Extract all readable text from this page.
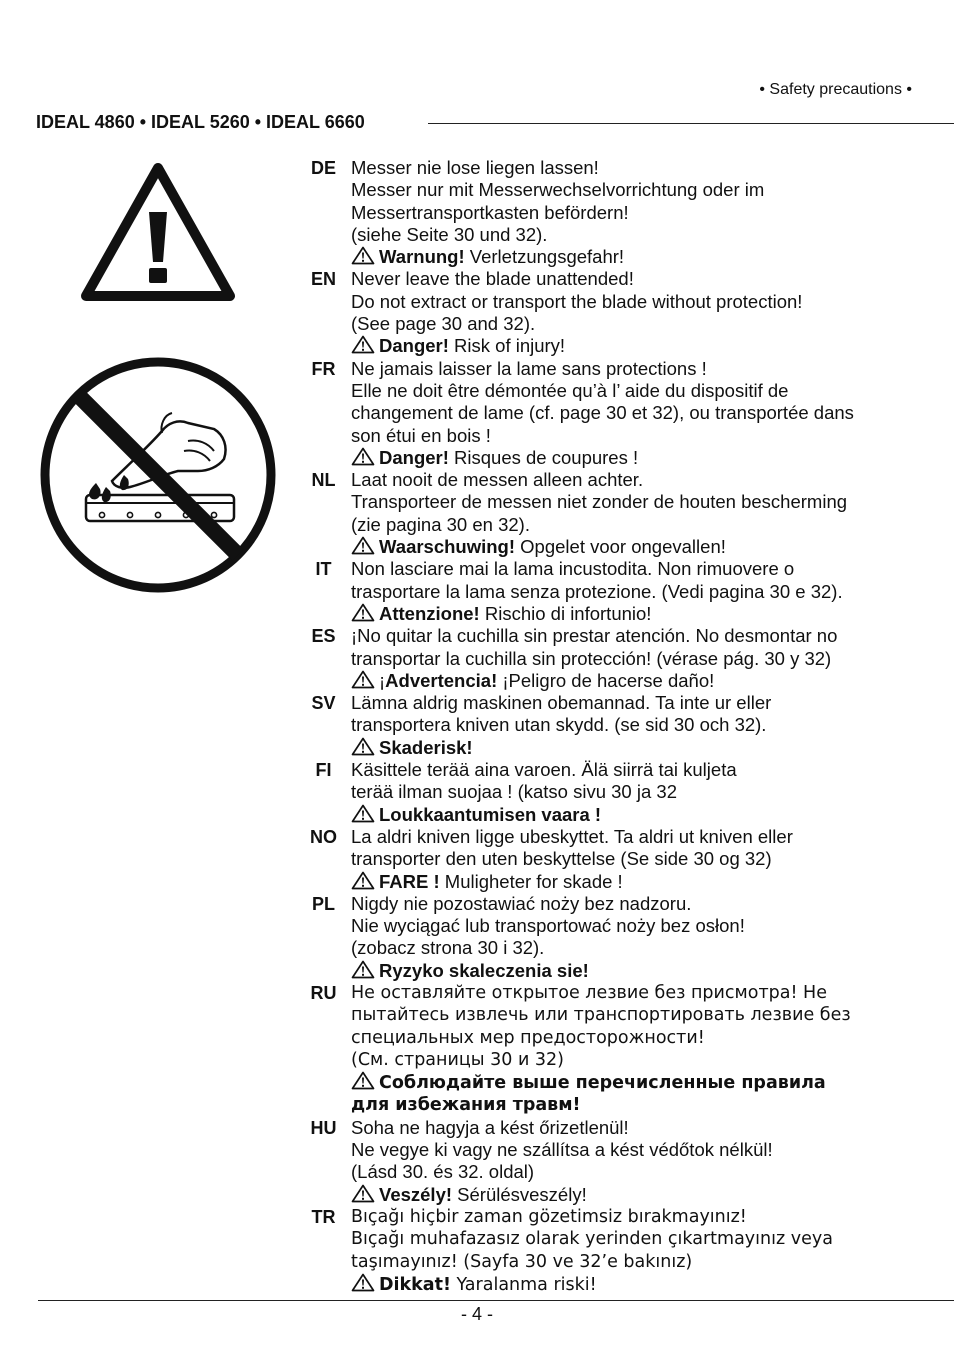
• Safety precautions •
IDEAL 4860 • IDEAL 5260 • IDEAL 6660
DE Messer nie lose liegen lassen!
Messer nur mit Messerwechselvorrichtung oder im
Messertransportkasten befördern!
(siehe Seite 30 und 32).
Warnung! Verletzungsgefahr!
EN Never leave the blade unattended!
Do not extract or transport the blade without protection!
(See page 30 and 32).
Danger! Risk of injury!
FR Ne jamais laisser la lame sans protections !
Elle ne doit être démontée qu’à l’ aide du dispositif de
changement de lame (cf. page 30 et 32), ou transportée dans
son étui en bois !
Danger! Risques de coupures !
NL Laat nooit de messen alleen achter.
Transporteer de messen niet zonder de houten bescherming
(zie pagina 30 en 32).
Waarschuwing! Opgelet voor ongevallen!
IT	Non lasciare mai la lama incustodita. Non rimuovere o
trasportare la lama senza protezione. (Vedi pagina 30 e 32).
Attenzione! Rischio di infortunio!
ES ¡No quitar la cuchilla sin prestar atención. No desmontar no
transportar la cuchilla sin protección! (vérase pág. 30 y 32)
¡Advertencia! ¡Peligro de hacerse daño!
SV Lämna aldrig maskinen obemannad. Ta inte ur eller
transportera kniven utan skydd. (se sid 30 och 32).
Skaderisk!
FI	Käsittele terää aina varoen. Älä siirrä tai kuljeta
terää ilman suojaa ! (katso sivu 30 ja 32
Loukkaantumisen vaara !
NO La aldri kniven ligge ubeskyttet. Ta aldri ut kniven eller
transporter den uten beskyttelse (Se side 30 og 32)
FARE ! Muligheter for skade !
PL Nigdy nie pozostawiać noży bez nadzoru.
Nie wyciągać lub transportować noży bez osłon!
(zobacz strona 30 i 32).
Ryzyko skaleczenia sie!
RU Не оставляйте открытое лезвие без присмотра! Не
пытайтесь извлечь или транспортировать лезвие без
специальных мер предосторожности!
(См. страницы 30 и 32)
Соблюдайте выше перечисленные правила
для избежания травм!
HU Soha ne hagyja a kést őrizetlenül!
Ne vegye ki vagy ne szállítsa a kést védőtok nélkül!
(Lásd 30. és 32. oldal)
Veszély! Sérülésveszély!
TR Bıçağı hiçbir zaman gözetimsiz bırakmayınız!
Bıçağı muhafazasız olarak yerinden çıkartmayınız veya
taşımayınız! (Sayfa 30 ve 32’e bakınız)
Dikkat! Yaralanma riski!
- 4 -
